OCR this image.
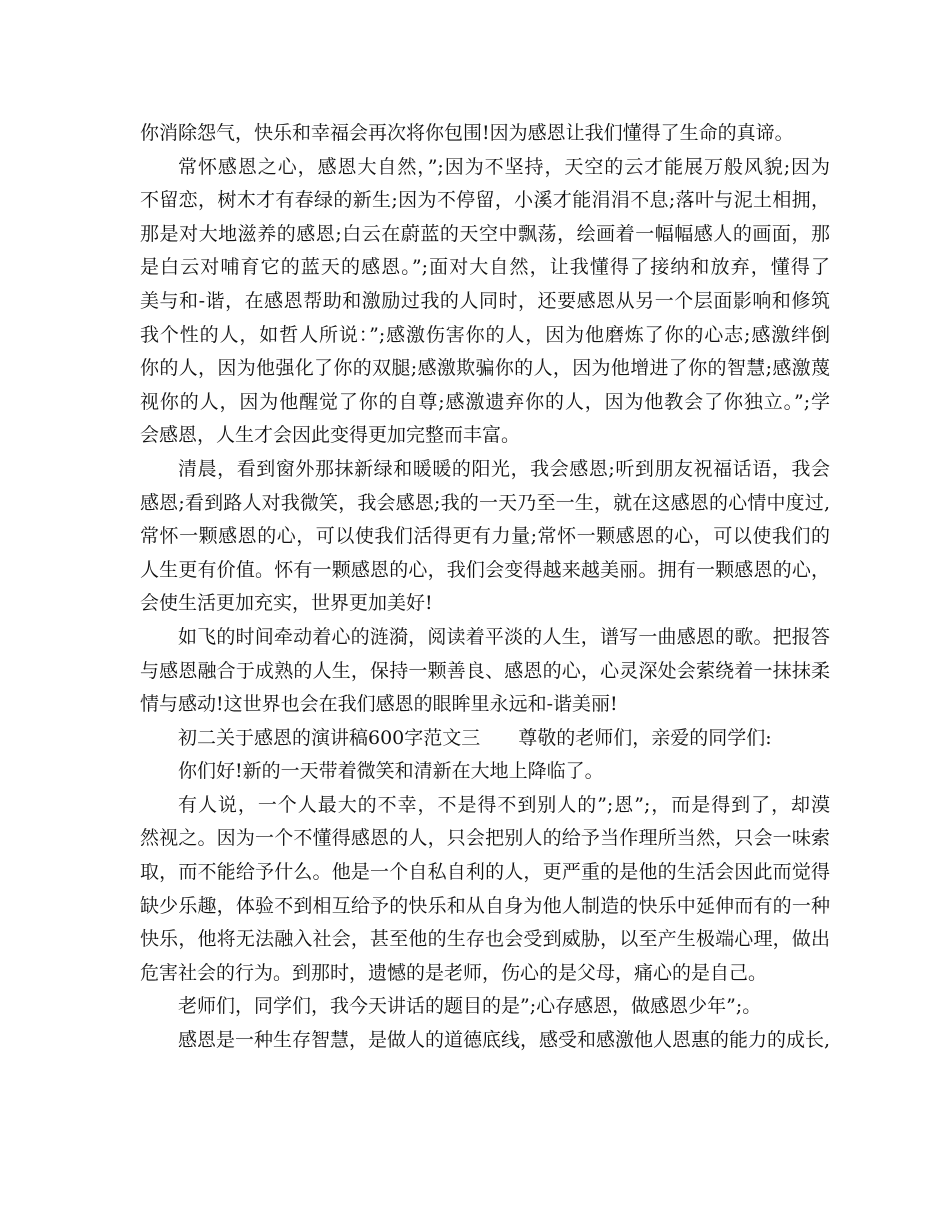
你消除怨气，快乐和幸福会再次将你包围!因为感恩让我们懂得了生命的真谛。
常怀感恩之心，感恩大自然，”;因为不坚持，天空的云才能展万般风貌;因为
不留恋，树木才有春绿的新生;因为不停留，小溪才能涓涓不息;落叶与泥土相拥，
那是对大地滋养的感恩;白云在蔚蓝的天空中飘荡，绘画着一幅幅感人的画面，那
是白云对哺育它的蓝天的感恩。”;面对大自然，让我懂得了接纳和放弃，懂得了
美与和-谐，在感恩帮助和激励过我的人同时，还要感恩从另一个层面影响和修筑
我个性的人，如哲人所说：”;感激伤害你的人，因为他磨炼了你的心志;感激绊倒
你的人，因为他强化了你的双腿;感激欺骗你的人，因为他增进了你的智慧;感激蔑
视你的人，因为他醒觉了你的自尊;感激遗弃你的人，因为他教会了你独立。”;学
会感恩，人生才会因此变得更加完整而丰富。
清晨，看到窗外那抹新绿和暖暖的阳光，我会感恩;听到朋友祝福话语，我会
感恩;看到路人对我微笑，我会感恩;我的一天乃至一生，就在这感恩的心情中度过,
常怀一颗感恩的心，可以使我们活得更有力量;常怀一颗感恩的心，可以使我们的
人生更有价值。怀有一颗感恩的心，我们会变得越来越美丽。拥有一颗感恩的心，
会使生活更加充实，世界更加美好!
如飞的时间牵动着心的涟漪，阅读着平淡的人生，谱写一曲感恩的歌。把报答
与感恩融合于成熟的人生，保持一颗善良、感恩的心，心灵深处会萦绕着一抹抹柔
情与感动!这世界也会在我们感恩的眼眸里永远和-谐美丽!
初二关于感恩的演讲稿600字范文三　　尊敬的老师们，亲爱的同学们:
你们好!新的一天带着微笑和清新在大地上降临了。
有人说，一个人最大的不幸，不是得不到别人的”;恩”;，而是得到了，却漠
然视之。因为一个不懂得感恩的人，只会把别人的给予当作理所当然，只会一味索
取，而不能给予什么。他是一个自私自利的人，更严重的是他的生活会因此而觉得
缺少乐趣，体验不到相互给予的快乐和从自身为他人制造的快乐中延伸而有的一种
快乐，他将无法融入社会，甚至他的生存也会受到威胁，以至产生极端心理，做出
危害社会的行为。到那时，遗憾的是老师，伤心的是父母，痛心的是自己。
老师们，同学们，我今天讲话的题目的是”;心存感恩，做感恩少年”;。
感恩是一种生存智慧，是做人的道德底线，感受和感激他人恩惠的能力的成长,
